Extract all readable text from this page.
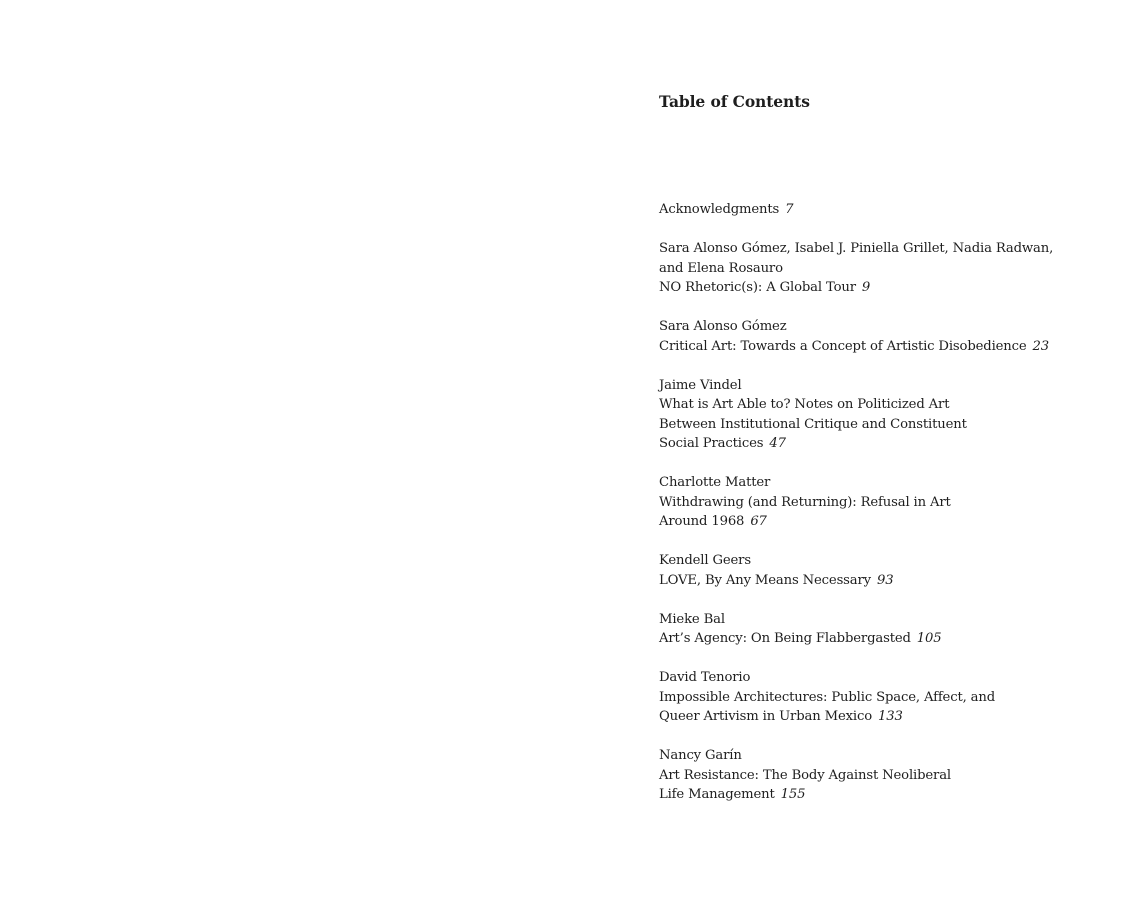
Table of Contents
Acknowledgments 7
Sara Alonso Gómez, Isabel J. Piniella Grillet, Nadia Radwan,
and Elena Rosauro
NO Rhetoric(s): A Global Tour 9
Sara Alonso Gómez
Critical Art: Towards a Concept of Artistic Disobedience 23
Jaime Vindel
What is Art Able to? Notes on Politicized Art
Between Institutional Critique and Constituent
Social Practices 47
Charlotte Matter
Withdrawing (and Returning): Refusal in Art
Around 1968 67
Kendell Geers
LOVE, By Any Means Necessary 93
Mieke Bal
Art’s Agency: On Being Flabbergasted 105
David Tenorio
Impossible Architectures: Public Space, Affect, and
Queer Artivism in Urban Mexico 133
Nancy Garín
Art Resistance: The Body Against Neoliberal
Life Management 155
